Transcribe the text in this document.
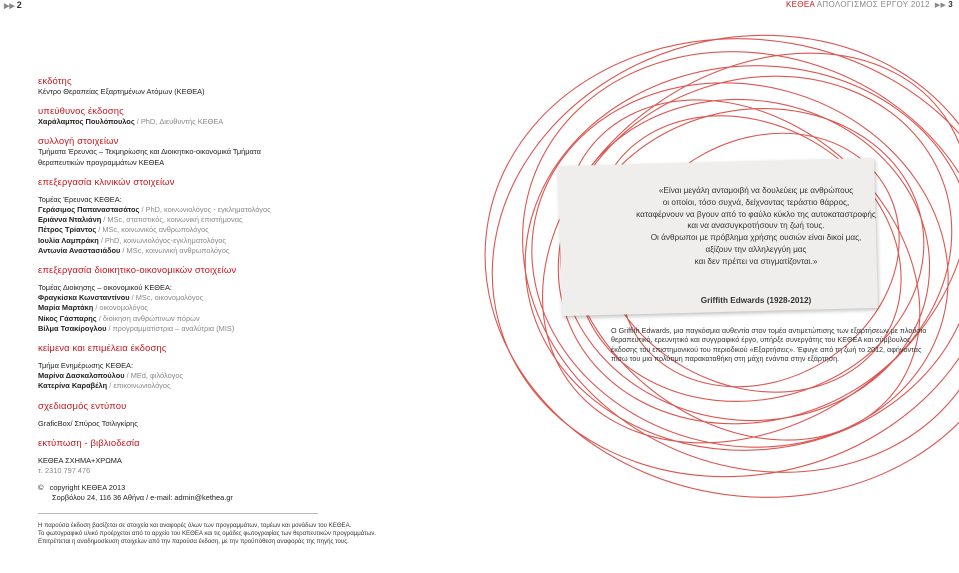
▶▶ 2	ΚΕΘΕΑ ΑΠΟΛΟΓΙΣΜΟΣ ΕΡΓΟΥ 2012 ▶▶ 3

εκδότης

Κέντρο Θεραπείας Εξαρτημένων Ατόμων (ΚΕΘΕΑ)

υπεύθυνος έκδοσης

Χαράλαμπος Πουλόπουλος / PhD, Διευθυντής ΚΕΘΕΑ

συλλογή στοιχείων

Τμήματα Έρευνας – Τεκμηρίωσης και Διοικητικο-οικονομικά Τμήματα

θεραπευτικών προγραμμάτων ΚΕΘΕΑ

επεξεργασία κλινικών στοιχείων

Τομέας Έρευνας ΚΕΘΕΑ:

Γεράσιμος Παπαναστασάτος / PhD, κοινωνιολόγος - εγκληματολόγος

Εριάννα Νταλιάνη / MSc, στατιστικός, κοινωνική επιστήμονας

Πέτρος Τρίαντος / MSc, κοινωνικός ανθρωπολόγος

Ιουλία Λαμπράκη / PhD, κοινωνιολόγος-εγκληματολόγος

Αντωνία Αναστασιάδου / MSc, κοινωνική ανθρωπολόγος

επεξεργασία διοικητικο-οικονομικών στοιχείων

Τομέας Διοίκησης – οικονομικού ΚΕΘΕΑ:

Φραγκίσκα Κωνσταντίνου / MSc, οικονομολόγος

Μαρία Μαρτάκη / οικονομολόγος

Νίκος Γάσπαρης / διοίκηση ανθρώπινων πόρων

Βίλμα Τσακίρογλου / προγραμματίστρια – αναλύτρια (MIS)

κείμενα και επιμέλεια έκδοσης

Τμήμα Ενημέρωσης ΚΕΘΕΑ:

Μαρίνα Δασκαλοπούλου / ΜΕd, φιλόλογος

Κατερίνα Καραβέλη / επικοινωνιολόγος

σχεδιασμός εντύπου

GraficBox/ Σπύρος Τσιλιγκίρης

εκτύπωση - βιβλιοδεσία

ΚΕΘΕΑ ΣΧΗΜΑ+ΧΡΩΜΑ

τ. 2310 797 476

© copyright ΚΕΘΕΑ 2013

Σορβόλου 24, 116 36 Αθήνα / e-mail: admin@kethea.gr

Η παρούσα έκδοση βασίζεται σε στοιχεία και αναφορές όλων των προγραμμάτων, τομέων και μονάδων του ΚΕΘΕΑ.

Το φωτογραφικό υλικό προέρχεται από το αρχείο του ΚΕΘΕΑ και τις ομάδες φωτογραφίας των θεραπευτικών προγραμμάτων.

Επιτρέπεται η αναδημοσίευση στοιχείων από την παρούσα έκδοση, με την προϋπόθεση αναφοράς της πηγής τους.

«Είναι μεγάλη ανταμοιβή να δουλεύεις με ανθρώπους
οι οποίοι, τόσο συχνά, δείχνοντας τεράστιο θάρρος,
καταφέρνουν να βγουν από το φαύλο κύκλο της αυτοκαταστροφής
και να ανασυγκροτήσουν τη ζωή τους.
Οι άνθρωποι με πρόβλημα χρήσης ουσιών είναι δικοί μας,
αξίζουν την αλληλεγγύη μας
και δεν πρέπει να στιγματίζονται.»
Griffith Edwards (1928-2012)
Ο Griffith Edwards, μια παγκόσμια αυθεντία στον τομέα αντιμετώπισης των εξαρτήσεων με πλούσιο
θεραπευτικό, ερευνητικό και συγγραφικό έργο, υπήρξε συνεργάτης του ΚΕΘΕΑ και σύμβουλος
έκδοσης του επιστημονικού του περιοδικού «Εξαρτήσεις». Έφυγε από τη ζωή το 2012, αφήνοντας
πίσω του μια πολύτιμη παρακαταθήκη στη μάχη ενάντια στην εξάρτηση.
